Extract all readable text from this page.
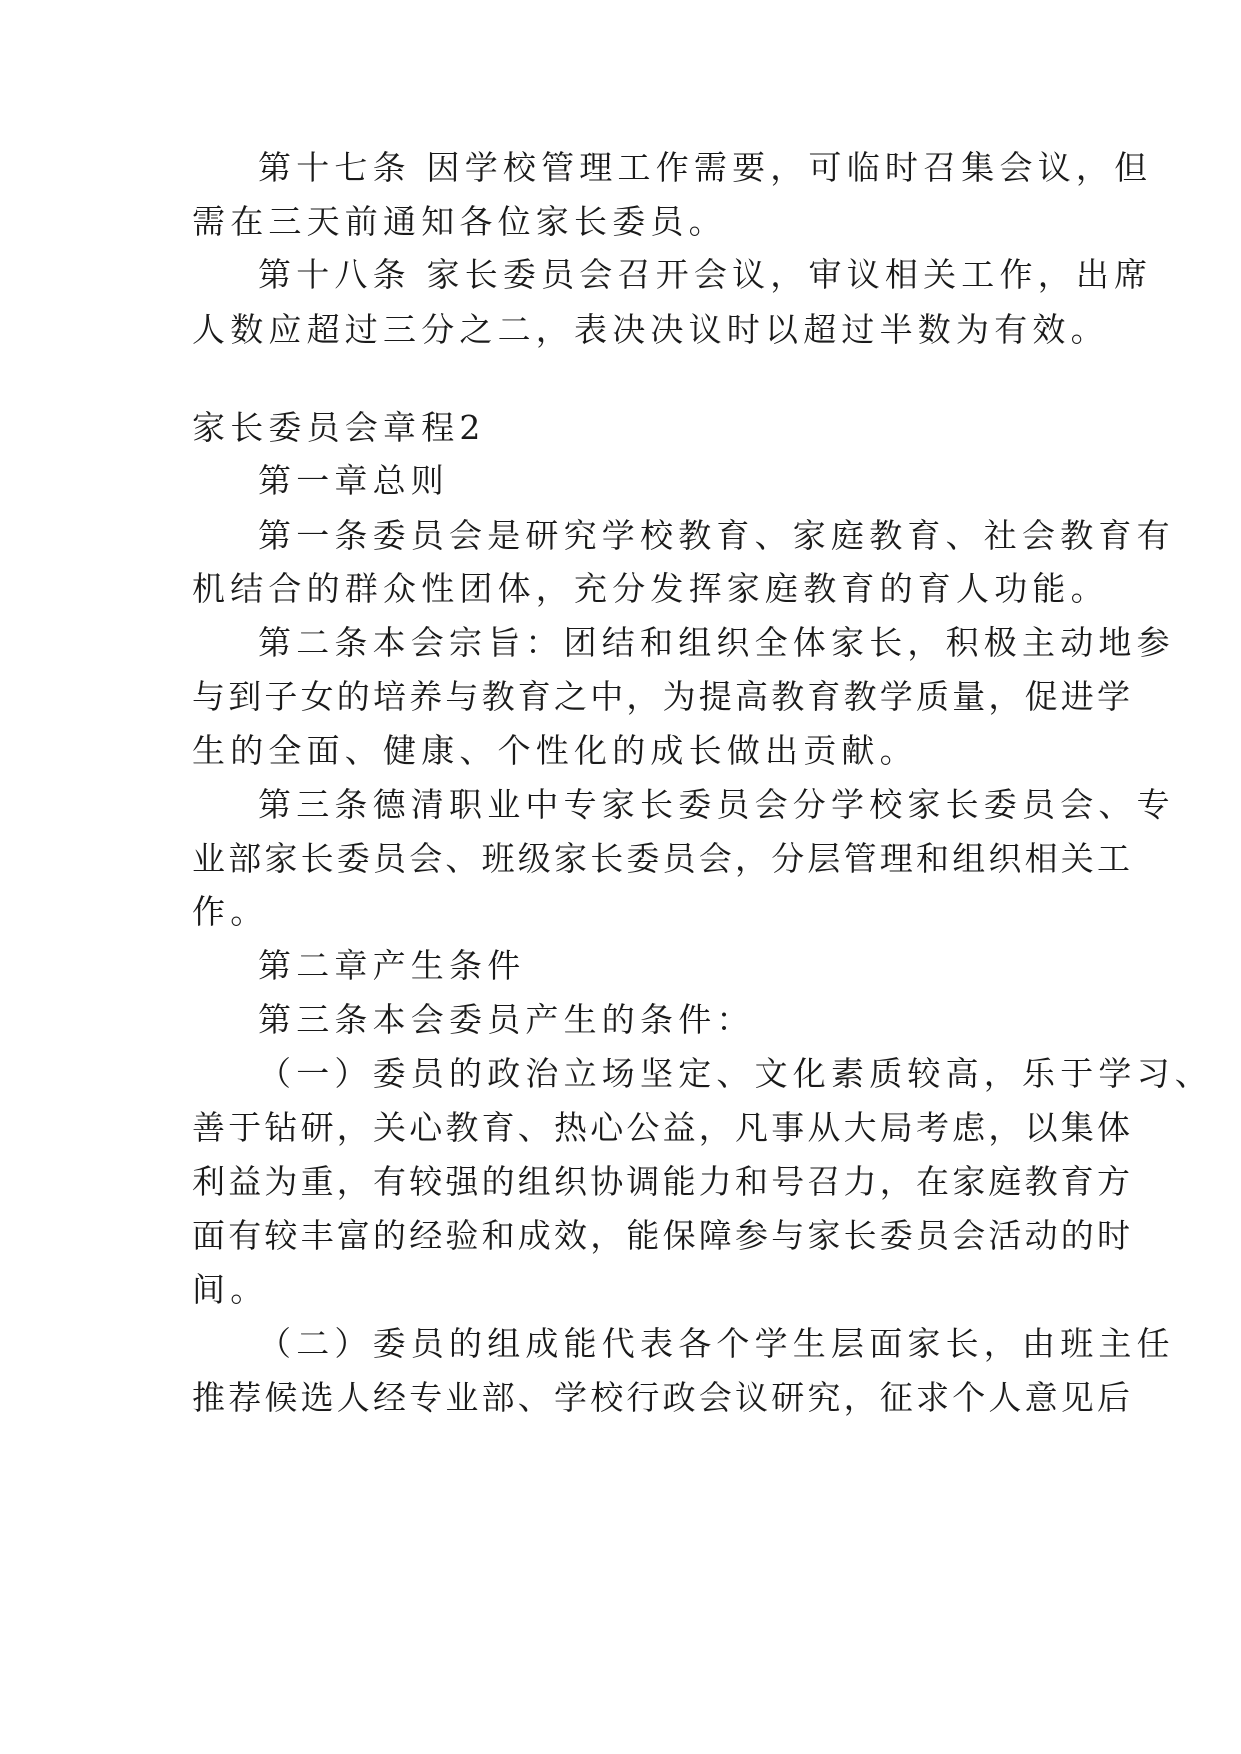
第十七条 因学校管理工作需要，可临时召集会议，但
需在三天前通知各位家长委员。
第十八条 家长委员会召开会议，审议相关工作，出席
人数应超过三分之二，表决决议时以超过半数为有效。
家长委员会章程2
第一章总则
第一条委员会是研究学校教育、家庭教育、社会教育有
机结合的群众性团体，充分发挥家庭教育的育人功能。
第二条本会宗旨：团结和组织全体家长，积极主动地参
与到子女的培养与教育之中，为提高教育教学质量，促进学
生的全面、健康、个性化的成长做出贡献。
第三条德清职业中专家长委员会分学校家长委员会、专
业部家长委员会、班级家长委员会，分层管理和组织相关工
作。
第二章产生条件
第三条本会委员产生的条件：
（一）委员的政治立场坚定、文化素质较高，乐于学习、
善于钻研，关心教育、热心公益，凡事从大局考虑，以集体
利益为重，有较强的组织协调能力和号召力，在家庭教育方
面有较丰富的经验和成效，能保障参与家长委员会活动的时
间。
（二）委员的组成能代表各个学生层面家长，由班主任
推荐候选人经专业部、学校行政会议研究，征求个人意见后
